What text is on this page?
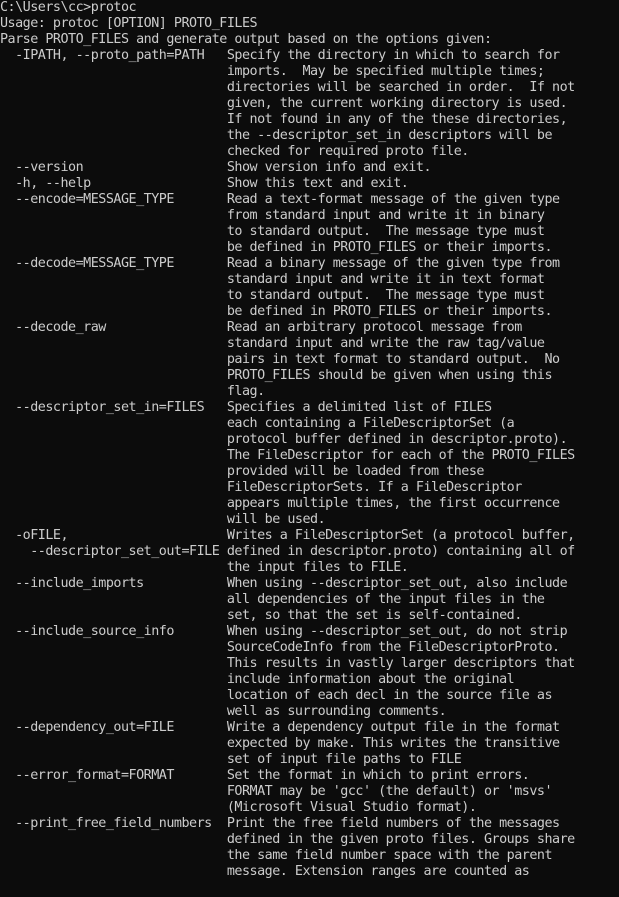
C:\Users\cc>protoc
Usage: protoc [OPTION] PROTO_FILES
Parse PROTO_FILES and generate output based on the options given:
-IPATH, --proto_path=PATH   Specify the directory in which to search for
imports.  May be specified multiple times;
directories will be searched in order.  If not
given, the current working directory is used.
If not found in any of the these directories,
the --descriptor_set_in descriptors will be
checked for required proto file.
--version                   Show version info and exit.
-h, --help                  Show this text and exit.
--encode=MESSAGE_TYPE       Read a text-format message of the given type
from standard input and write it in binary
to standard output.  The message type must
be defined in PROTO_FILES or their imports.
--decode=MESSAGE_TYPE       Read a binary message of the given type from
standard input and write it in text format
to standard output.  The message type must
be defined in PROTO_FILES or their imports.
--decode_raw                Read an arbitrary protocol message from
standard input and write the raw tag/value
pairs in text format to standard output.  No
PROTO_FILES should be given when using this
flag.
--descriptor_set_in=FILES   Specifies a delimited list of FILES
each containing a FileDescriptorSet (a
protocol buffer defined in descriptor.proto).
The FileDescriptor for each of the PROTO_FILES
provided will be loaded from these
FileDescriptorSets. If a FileDescriptor
appears multiple times, the first occurrence
will be used.
-oFILE,                     Writes a FileDescriptorSet (a protocol buffer,
--descriptor_set_out=FILE defined in descriptor.proto) containing all of
the input files to FILE.
--include_imports           When using --descriptor_set_out, also include
all dependencies of the input files in the
set, so that the set is self-contained.
--include_source_info       When using --descriptor_set_out, do not strip
SourceCodeInfo from the FileDescriptorProto.
This results in vastly larger descriptors that
include information about the original
location of each decl in the source file as
well as surrounding comments.
--dependency_out=FILE       Write a dependency output file in the format
expected by make. This writes the transitive
set of input file paths to FILE
--error_format=FORMAT       Set the format in which to print errors.
FORMAT may be 'gcc' (the default) or 'msvs'
(Microsoft Visual Studio format).
--print_free_field_numbers  Print the free field numbers of the messages
defined in the given proto files. Groups share
the same field number space with the parent
message. Extension ranges are counted as
